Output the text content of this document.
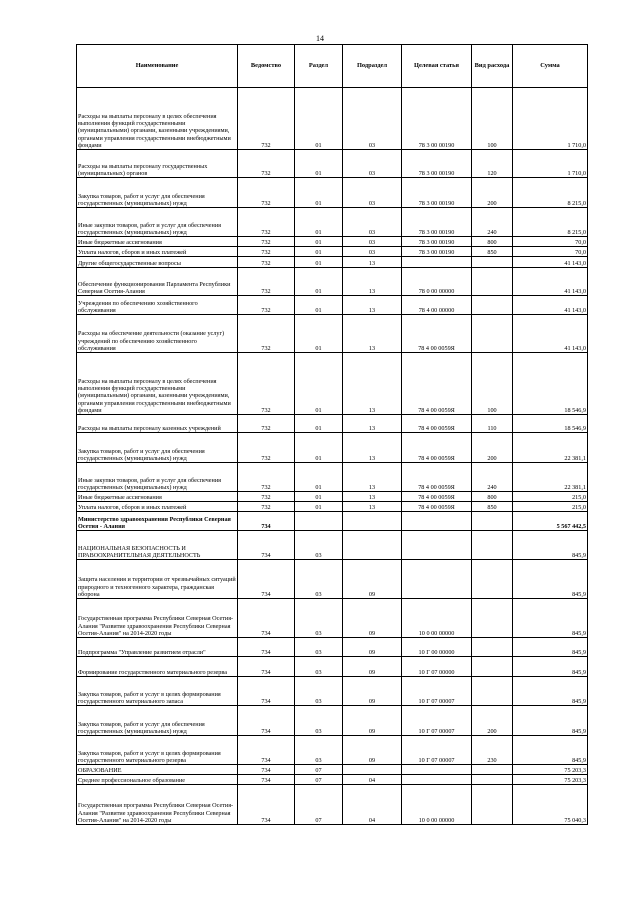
14
Наименование	Ведомство	Раздел	Подраздел	Целевая статья	Вид расхода	Сумма
Расходы на выплаты персоналу в целях обеспечения выполнения функций государственными (муниципальными) органами, казенными учреждениями, органами управления государственными внебюджетными фондами	732	01	03	78 3 00 00190	100	1 710,0
Расходы на выплаты персоналу государственных (муниципальных) органов	732	01	03	78 3 00 00190	120	1 710,0
Закупка товаров, работ и услуг для обеспечения государственных (муниципальных) нужд	732	01	03	78 3 00 00190	200	8 215,0
Иные закупки товаров, работ и услуг для обеспечения государственных (муниципальных) нужд	732	01	03	78 3 00 00190	240	8 215,0
Иные бюджетные ассигнования	732	01	03	78 3 00 00190	800	70,0
Уплата налогов, сборов и иных платежей	732	01	03	78 3 00 00190	850	70,0
Другие общегосударственные вопросы	732	01	13			41 143,0
Обеспечение функционирования Парламента Республики Северная Осетия-Алания	732	01	13	78 0 00 00000		41 143,0
Учреждения по обеспечению хозяйственного обслуживания	732	01	13	78 4 00 00000		41 143,0
Расходы на обеспечение деятельности (оказание услуг) учреждений по обеспечению хозяйственного обслуживания	732	01	13	78 4 00 0059Я		41 143,0
Расходы на выплаты персоналу в целях обеспечения выполнения функций государственными (муниципальными) органами, казенными учреждениями, органами управления государственными внебюджетными фондами	732	01	13	78 4 00 0059Я	100	18 546,9
Расходы на выплаты персоналу казенных учреждений	732	01	13	78 4 00 0059Я	110	18 546,9
Закупка товаров, работ и услуг для обеспечения государственных (муниципальных) нужд	732	01	13	78 4 00 0059Я	200	22 381,1
Иные закупки товаров, работ и услуг для обеспечения государственных (муниципальных) нужд	732	01	13	78 4 00 0059Я	240	22 381,1
Иные бюджетные ассигнования	732	01	13	78 4 00 0059Я	800	215,0
Уплата налогов, сборов и иных платежей	732	01	13	78 4 00 0059Я	850	215,0
Министерство здравоохранения Республики Северная Осетия - Алания	734					5 567 442,5
НАЦИОНАЛЬНАЯ БЕЗОПАСНОСТЬ И ПРАВООХРАНИТЕЛЬНАЯ ДЕЯТЕЛЬНОСТЬ	734	03				845,9
Защита населения и территории от чрезвычайных ситуаций природного и техногенного характера, гражданская оборона	734	03	09			845,9
Государственная программа Республики Северная Осетия-Алания "Развитие здравоохранения Республики Северная Осетия-Алания" на 2014-2020 годы	734	03	09	10 0 00 00000		845,9
Подпрограмма "Управление развитием отрасли"	734	03	09	10 Г 00 00000		845,9
Формирование государственного материального резерва	734	03	09	10 Г 07 00000		845,9
Закупка товаров, работ и услуг в целях формирования государственного материального запаса	734	03	09	10 Г 07 00007		845,9
Закупка товаров, работ и услуг для обеспечения государственных (муниципальных) нужд	734	03	09	10 Г 07 00007	200	845,9
Закупка товаров, работ и услуг в целях формирования государственного материального резерва	734	03	09	10 Г 07 00007	230	845,9
ОБРАЗОВАНИЕ	734	07				75 203,3
Среднее профессиональное образование	734	07	04			75 203,3
Государственная программа Республики Северная Осетия-Алания "Развитие здравоохранения Республики Северная Осетия-Алания" на 2014-2020 годы	734	07	04	10 0 00 00000		75 040,3
